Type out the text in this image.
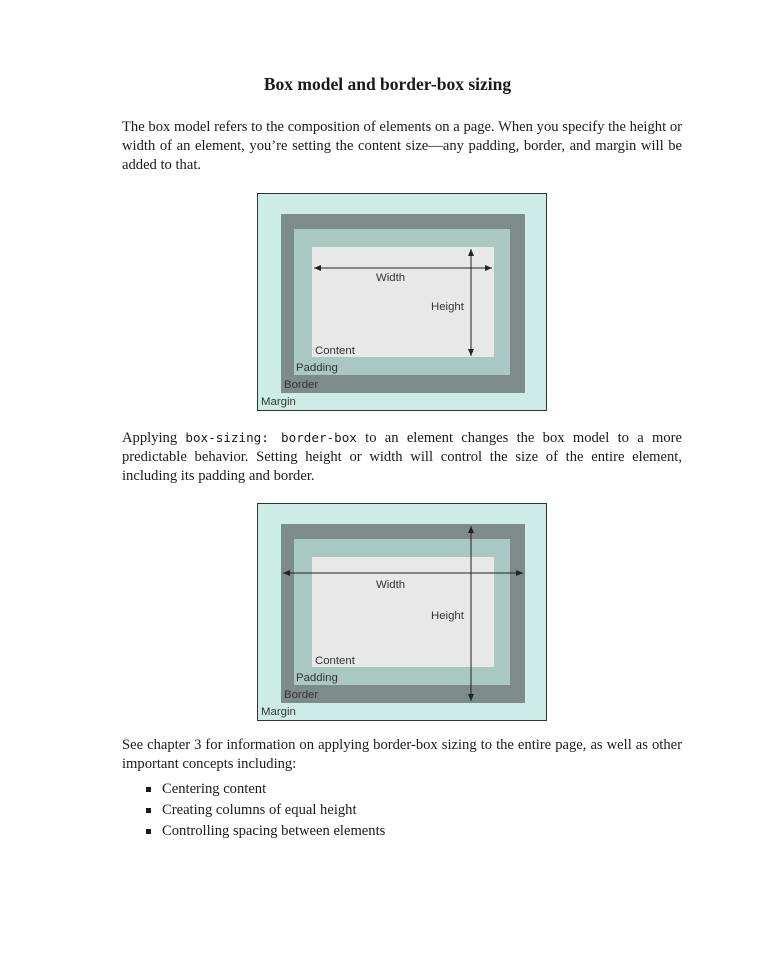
Box model and border-box sizing

The box model refers to the composition of elements on a page. When you specify the height or width of an element, you’re setting the content size—any padding, border, and margin will be added to that.

Width
Height
Content
Padding
Border
Margin

Applying box-sizing: border-box to an element changes the box model to a more predictable behavior. Setting height or width will control the size of the entire element, including its padding and border.

Width
Height
Content
Padding
Border
Margin

See chapter 3 for information on applying border-box sizing to the entire page, as well as other important concepts including:

Centering content
Creating columns of equal height
Controlling spacing between elements
